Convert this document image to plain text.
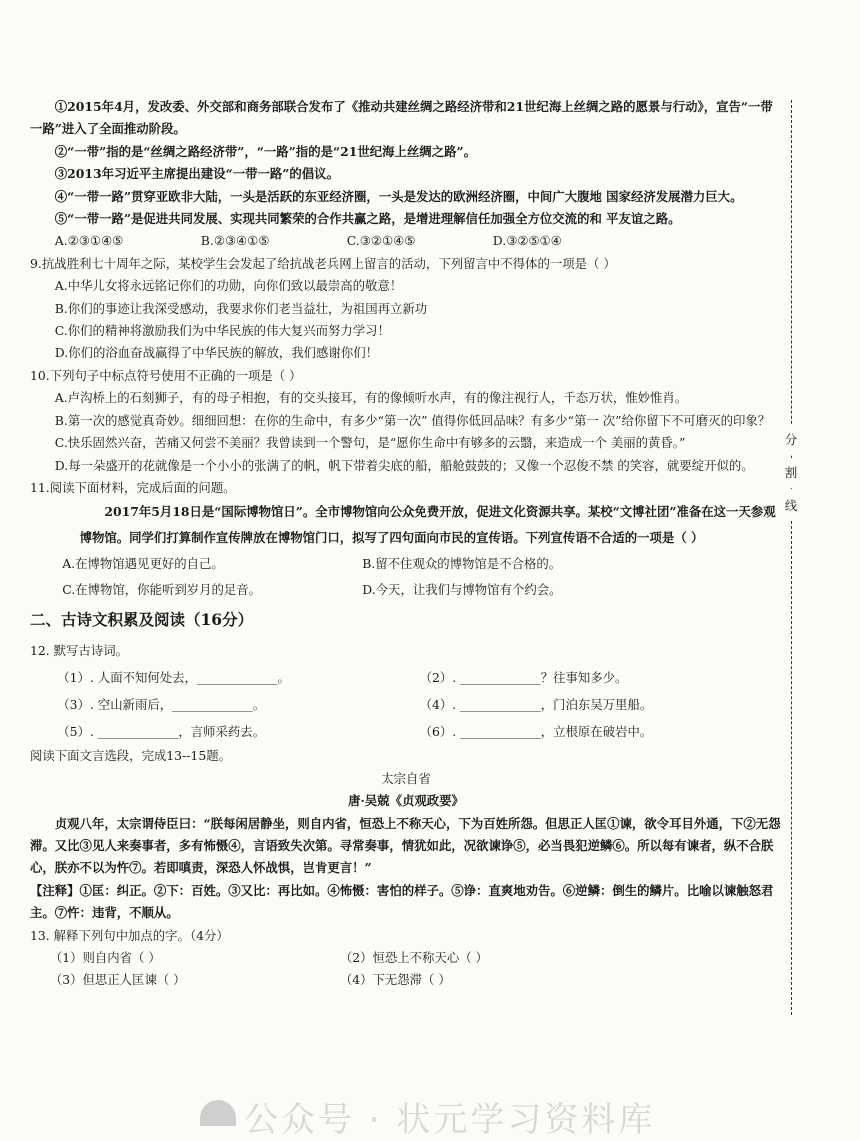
①2015年4月，发改委、外交部和商务部联合发布了《推动共建丝绸之路经济带和21世纪海上丝绸之路的愿景与行动》，宣告“一带一路”进入了全面推动阶段。

②“一带”指的是“丝绸之路经济带”，“一路”指的是“21世纪海上丝绸之路”。

③2013年习近平主席提出建设“一带一路”的倡议。

④“一带一路”贯穿亚欧非大陆，一头是活跃的东亚经济圈，一头是发达的欧洲经济圈，中间广大腹地 国家经济发展潜力巨大。

⑤“一带一路”是促进共同发展、实现共同繁荣的合作共赢之路，是增进理解信任加强全方位交流的和 平友谊之路。

A.②③①④⑤	B.②③④①⑤	C.③②①④⑤	D.③②⑤①④

9.抗战胜利七十周年之际，某校学生会发起了给抗战老兵网上留言的活动，下列留言中不得体的一项是（ ）

A.中华儿女将永远铭记你们的功勋，向你们致以最崇高的敬意！

B.你们的事迹让我深受感动，我要求你们老当益壮，为祖国再立新功

C.你们的精神将激励我们为中华民族的伟大复兴而努力学习！

D.你们的浴血奋战赢得了中华民族的解放，我们感谢你们！

10.下列句子中标点符号使用不正确的一项是（ ）

A.卢沟桥上的石刻狮子，有的母子相抱，有的交头接耳，有的像倾听水声，有的像注视行人，千态万状，惟妙惟肖。

B.第一次的感觉真奇妙。细细回想：在你的生命中，有多少“第一次” 值得你低回品味？有多少“第一 次”给你留下不可磨灭的印象？

C.快乐固然兴奋，苦痛又何尝不美丽？我曾读到一个警句，是“愿你生命中有够多的云翳，来造成一个 美丽的黄昏。”

D.每一朵盛开的花就像是一个小小的张满了的帆，帆下带着尖底的船，船舱鼓鼓的；又像一个忍俊不禁 的笑容，就要绽开似的。

11.阅读下面材料，完成后面的问题。

2017年5月18日是“国际博物馆日”。全市博物馆向公众免费开放，促进文化资源共享。某校“文博社团”准备在这一天参观博物馆。同学们打算制作宣传牌放在博物馆门口，拟写了四句面向市民的宣传语。下列宣传语不合适的一项是（ ）

A.在博物馆遇见更好的自己。	B.留不住观众的博物馆是不合格的。
C.在博物馆，你能听到岁月的足音。	D.今天，让我们与博物馆有个约会。
二、古诗文积累及阅读（16分）

12. 默写古诗词。

（1）. 人面不知何处去，_____________。	（2）. _____________？往事知多少。
（3）. 空山新雨后，_____________。	（4）. _____________，门泊东吴万里船。
（5）. _____________，言师采药去。	（6）. _____________，立根原在破岩中。

阅读下面文言选段，完成13--15题。

太宗自省

唐·吴兢《贞观政要》

贞观八年，太宗谓侍臣曰：“朕每闲居静坐，则自内省，恒恐上不称天心，下为百姓所怨。但思正人匡①谏，欲令耳目外通，下②无怨滞。又比③见人来奏事者，多有怖慑④，言语致失次第。寻常奏事，情犹如此，况欲谏诤⑤，必当畏犯逆鳞⑥。所以每有谏者，纵不合朕心，朕亦不以为忤⑦。若即嗔责，深恐人怀战惧，岂肯更言！”

【注释】①匡：纠正。②下：百姓。③又比：再比如。④怖慑：害怕的样子。⑤诤：直爽地劝告。⑥逆鳞：倒生的鳞片。比喻以谏触怒君主。⑦忤：违背，不顺从。

13. 解释下列句中加点的字。（4分）

（1）则自内省（ ）	（2）恒恐上不称天心（ ）
（3）但思正人匡谏（ ）	（4）下无怨滞（ ）
分
割
线
公众号 · 状元学习资料库
